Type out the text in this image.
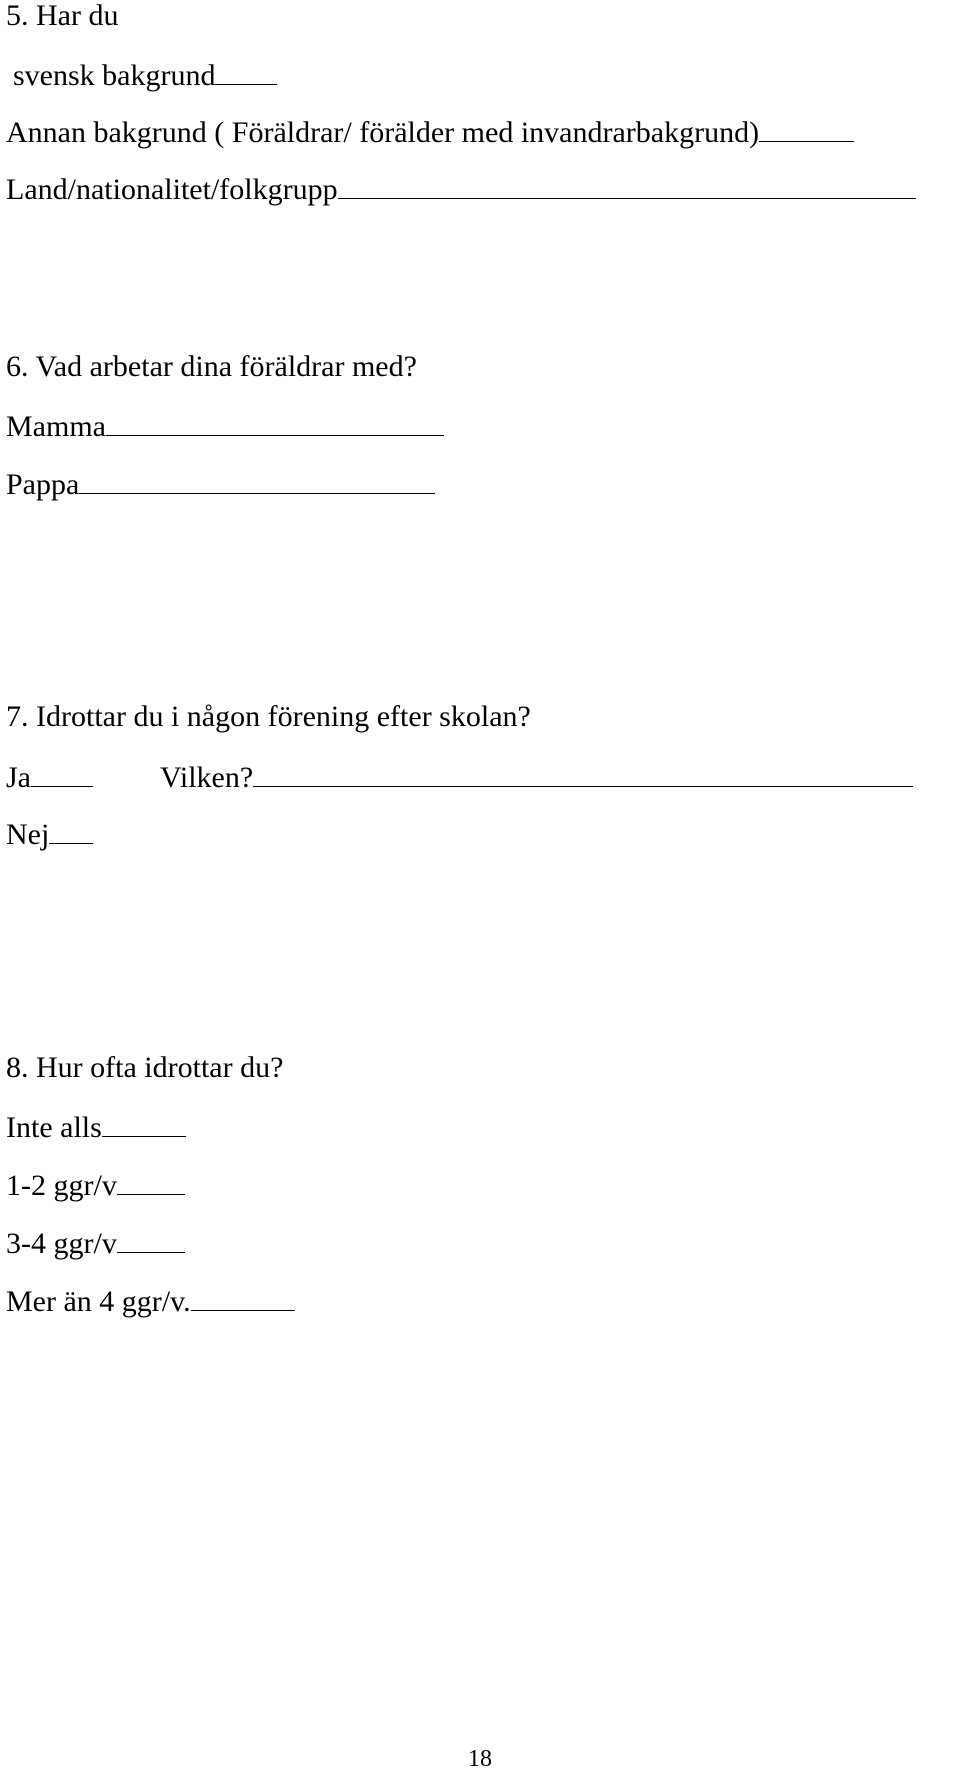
5. Har du
svensk bakgrund
Annan bakgrund ( Föräldrar/ förälder med invandrarbakgrund)
Land/nationalitet/folkgrupp
6. Vad arbetar dina föräldrar med?
Mamma
Pappa
7. Idrottar du i någon förening efter skolan?
Ja	Vilken?
Nej
8. Hur ofta idrottar du?
Inte alls
1-2 ggr/v
3-4 ggr/v
Mer än 4 ggr/v.
18
